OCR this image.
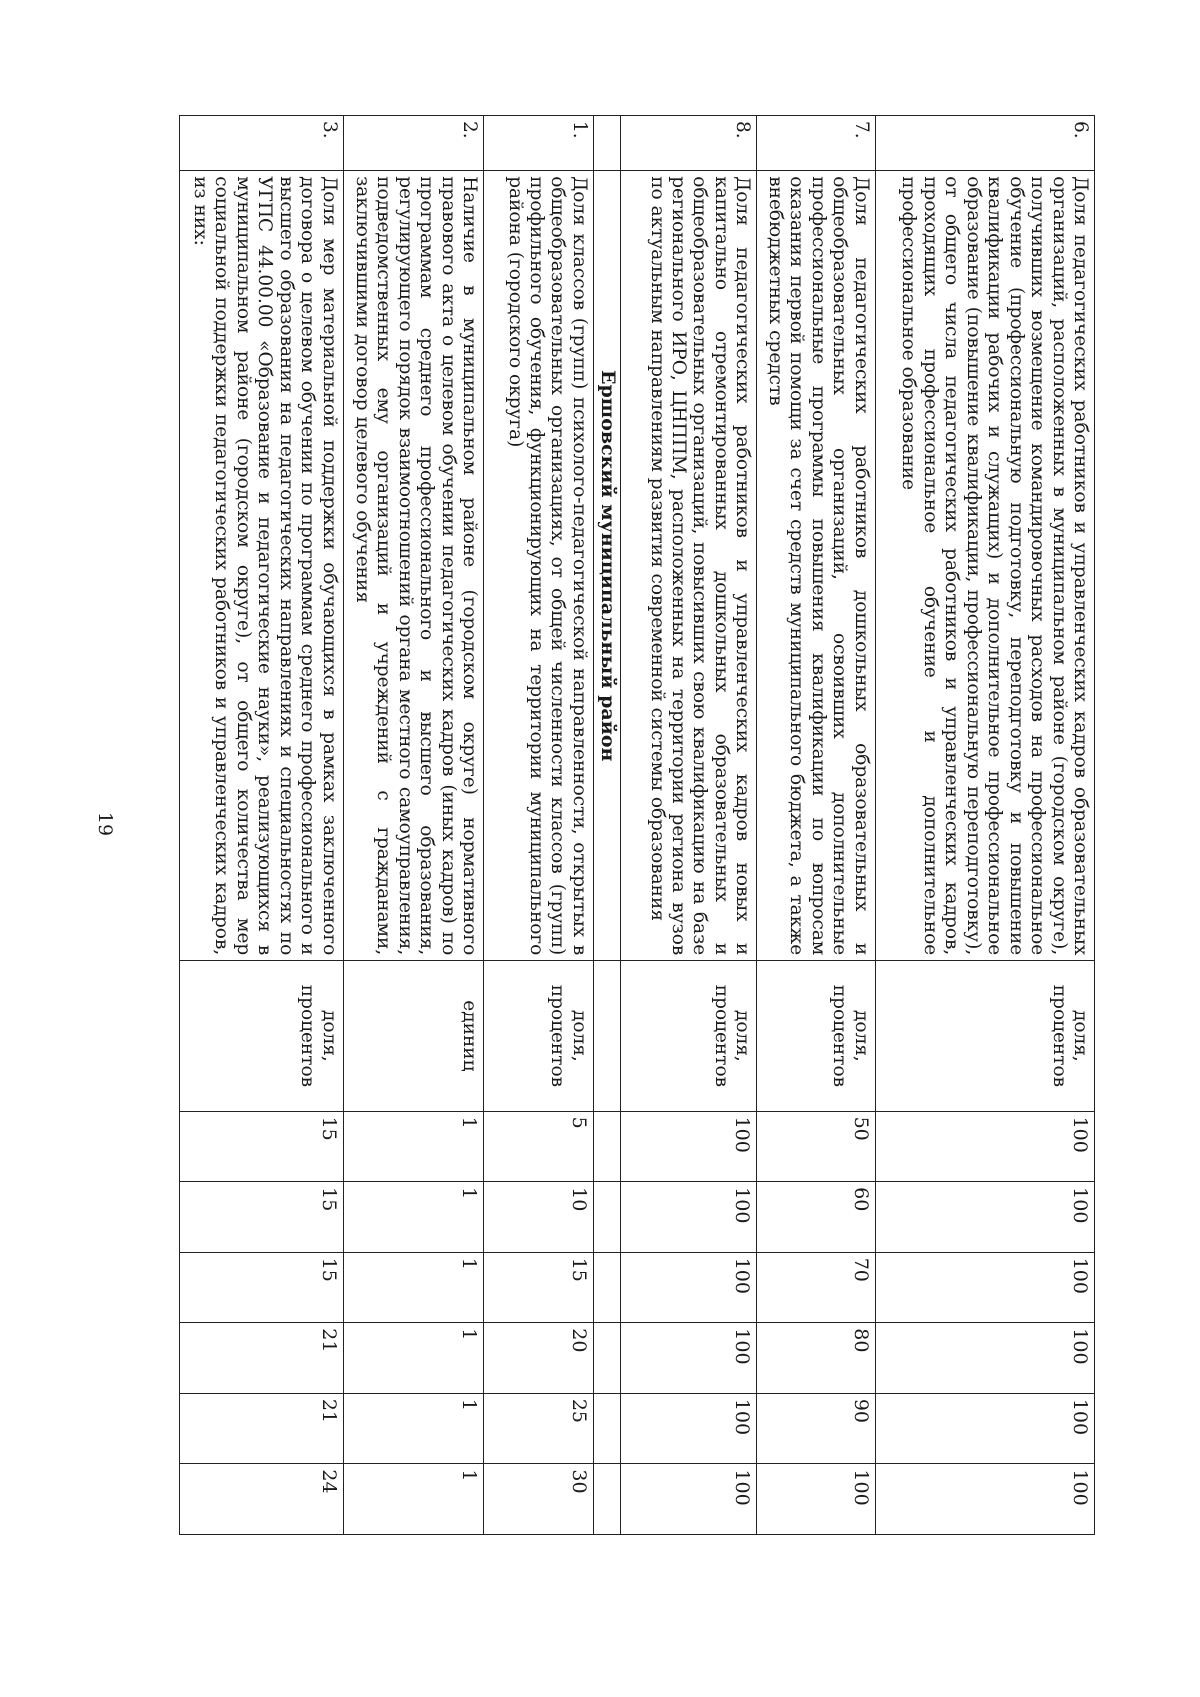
19
6.	Доля педагогических работников и управленческих кадров образовательных организаций, расположенных в муниципальном районе (городском округе), получивших возмещение командировочных расходов на профессиональное обучение (профессиональную подготовку, переподготовку и повышение квалификации рабочих и служащих) и дополнительное профессиональное образование (повышение квалификации, профессиональную переподготовку), от общего числа педагогических работников и управленческих кадров, проходящих профессиональное обучение и дополнительное профессиональное образование	доля, процентов	100	100	100	100	100	100
7.	Доля педагогических работников дошкольных образовательных и общеобразовательных организаций, освоивших дополнительные профессиональные программы повышения квалификации по вопросам оказания первой помощи за счет средств муниципального бюджета, а также внебюджетных средств	доля, процентов	50	60	70	80	90	100
8.	Доля педагогических работников и управленческих кадров новых и капитально отремонтированных дошкольных образовательных и общеобразовательных организаций, повысивших свою квалификацию на базе регионального ИРО, ЦНППМ, расположенных на территории региона вузов по актуальным направлениям развития современной системы образования	доля, процентов	100	100	100	100	100	100
	Ершовский муниципальный район							
1.	Доля классов (групп) психолого-педагогической направленности, открытых в общеобразовательных организациях, от общей численности классов (групп) профильного обучения, функционирующих на территории муниципального района (городского округа)	доля, процентов	5	10	15	20	25	30
2.	Наличие в муниципальном районе (городском округе) нормативного правового акта о целевом обучении педагогических кадров (иных кадров) по программам среднего профессионального и высшего образования, регулирующего порядок взаимоотношений органа местного самоуправления, подведомственных ему организаций и учреждений с гражданами, заключившими договор целевого обучения	единиц	1	1	1	1	1	1
3.	Доля мер материальной поддержки обучающихся в рамках заключенного договора о целевом обучении по программам среднего профессионального и высшего образования на педагогических направлениях и специальностях по УГПС 44.00.00 «Образование и педагогические науки», реализующихся в муниципальном районе (городском округе), от общего количества мер социальной поддержки педагогических работников и управленческих кадров, из них:	доля, процентов	15	15	15	21	21	24
